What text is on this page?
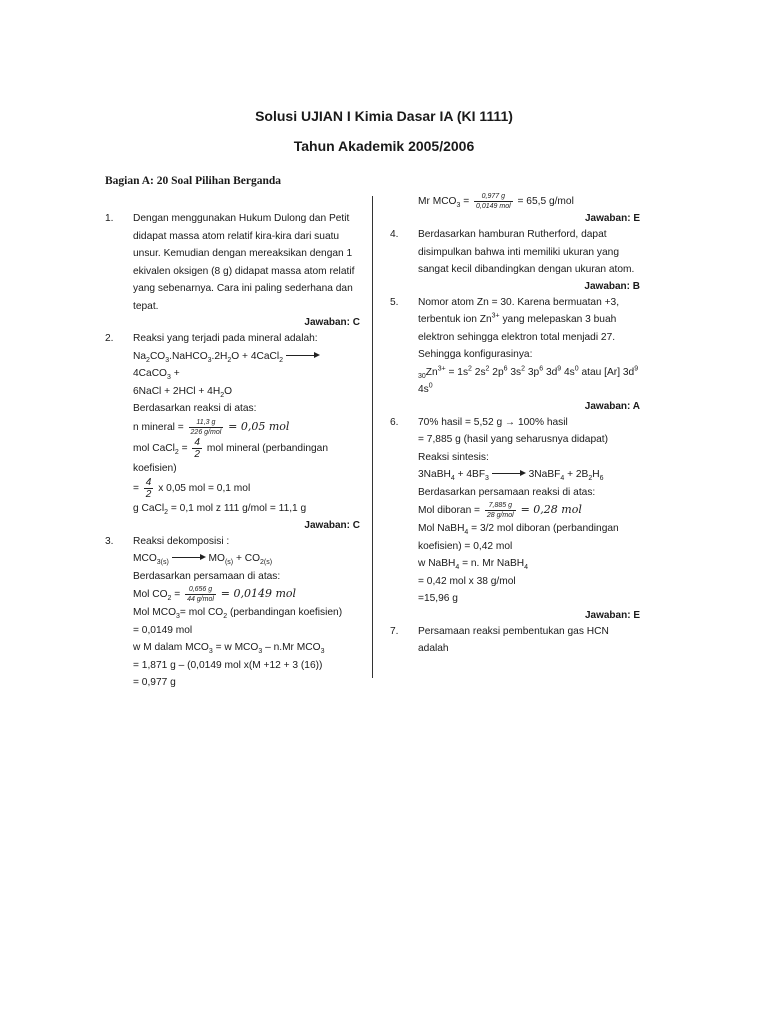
Solusi UJIAN I Kimia Dasar IA (KI 1111)
Tahun Akademik 2005/2006
Bagian A: 20 Soal Pilihan Berganda
1. Dengan menggunakan Hukum Dulong dan Petit didapat massa atom relatif kira-kira dari suatu unsur. Kemudian dengan mereaksikan dengan 1 ekivalen oksigen (8 g) didapat massa atom relatif yang sebenarnya. Cara ini paling sederhana dan tepat.
Jawaban: C
2. Reaksi yang terjadi pada mineral adalah:
$Na_2CO_3.NaHCO_3.2H_2O$ + 4CaCl$_2$  4CaCO$_3$ +
6NaCl + $2HCl + 4H_2O$
Berdasarkan reaksi di atas:
n mineral = $\frac{11,3 g}{\text{226 g/mol}} = 0,05$ mol
mol CaCl$_2$ = $\frac{4}{2}$ mol mineral (perbandingan koefisien)
= $\frac{4}{2}$ x 0,05 mol = 0,1 mol
g CaCl$_2$ = 0,1 mol z 111 g/mol = 11,1 g
Jawaban: C
3. Reaksi dekomposisi :
$MCO_{3(s)}$	$MO_{(s)} + CO_{2(s)}$
Berdasarkan persamaan di atas:
Mol $CO_2 = \frac{0,656 g}{\text{44 g/mol}} = 0,0149$ mol
Mol $MCO_3=$ mol $CO_2$ (perbandingan koefisien)
= 0,0149 mol
w M dalam $MCO_3 = w$ $MCO_3 - n.Mr$ $MCO_3$
= 1,871 g – (0,0149 mol x(M +12 + 3 (16))
= 0,977 g
Mr $MCO_3 = \frac{0,977 g}{\text{0,0149 mol}} = 65,5$ g/mol
Jawaban: E
4. Berdasarkan hamburan Rutherford, dapat disimpulkan bahwa inti memiliki ukuran yang sangat kecil dibandingkan dengan ukuran atom.
Jawaban: B
5. Nomor atom Zn = 30. Karena bermuatan +3, terbentuk ion $Zn^{3+}$ yang melepaskan 3 buah elektron sehingga elektron total menjadi 27.
Sehingga konfigurasinya:
$_{30}Zn^{3+} = 1s^2$ $2s^2$ $2p^6$ $3s^2$ $3p^6$ $3d^9$ $4s^0$ atau [Ar] $3d^9$ $4s^0$
Jawaban: A
6. 70% hasil = 5,52 g → 100% hasil
= 7,885 g (hasil yang seharusnya didapat)
Reaksi sintesis:
3NaBH$_4$ + $4BF_3$	3NaBF$_4$ + $2B_2H_6$
Berdasarkan persamaan reaksi di atas:
Mol diboran = $\frac{7,885 g}{\text{28 g/mol}} = 0,28$ mol
Mol NaBH$_4$ = 3/2 mol diboran (perbandingan koefisien) = 0,42 mol
w NaBH$_4$ = n. Mr NaBH$_4$
= 0,42 mol x 38 g/mol
=15,96 g
Jawaban: E
7. Persamaan reaksi pembentukan gas HCN adalah
